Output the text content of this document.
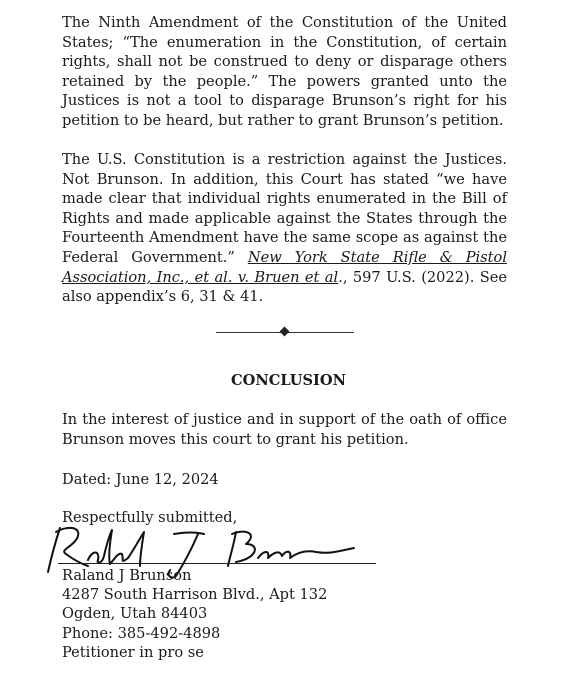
The Ninth Amendment of the Constitution of the United States; “The enumeration in the Constitution, of certain rights, shall not be construed to deny or disparage others retained by the people.” The powers granted unto the Justices is not a tool to disparage Brunson’s right for his petition to be heard, but rather to grant Brunson’s petition.

The U.S. Constitution is a restriction against the Justices. Not Brunson. In addition, this Court has stated “we have made clear that individual rights enumerated in the Bill of Rights and made applicable against the States through the Fourteenth Amendment have the same scope as against the Federal Government.” New York State Rifle & Pistol Association, Inc., et al. v. Bruen et al., 597 U.S. (2022). See also appendix’s 6, 31 & 41.

CONCLUSION

In the interest of justice and in support of the oath of office Brunson moves this court to grant his petition.

Dated: June 12, 2024
Respectfully submitted,
Raland J Brunson
4287 South Harrison Blvd., Apt 132
Ogden, Utah 84403
Phone: 385-492-4898
Petitioner in pro se
